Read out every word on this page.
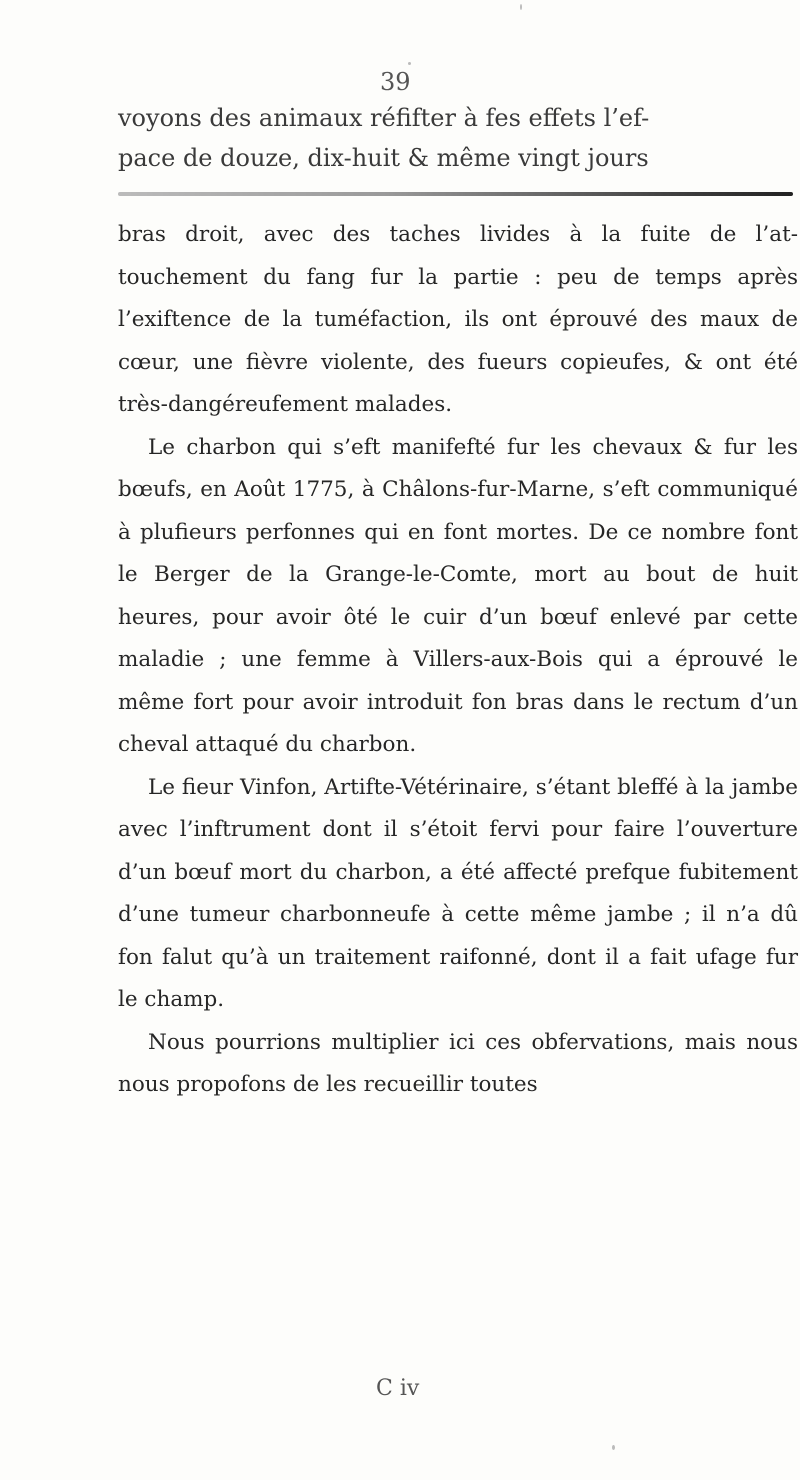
39
voyons des animaux réfifter à fes effets l’ef-
pace de douze, dix-huit & même vingt jours

bras droit, avec des taches livides à la fuite de l’at-touchement du fang fur la partie : peu de temps après l’exiftence de la tuméfaction, ils ont éprouvé des maux de cœur, une fièvre violente, des fueurs copieufes, & ont été très-dangéreufement malades.

Le charbon qui s’eft manifefté fur les chevaux & fur les bœufs, en Août 1775, à Châlons-fur-Marne, s’eft communiqué à plufieurs perfonnes qui en font mortes. De ce nombre font le Berger de la Grange-le-Comte, mort au bout de huit heures, pour avoir ôté le cuir d’un bœuf enlevé par cette maladie ; une femme à Villers-aux-Bois qui a éprouvé le même fort pour avoir introduit fon bras dans le rectum d’un cheval attaqué du charbon.

Le fieur Vinfon, Artifte-Vétérinaire, s’étant bleffé à la jambe avec l’inftrument dont il s’étoit fervi pour faire l’ouverture d’un bœuf mort du charbon, a été affecté prefque fubitement d’une tumeur charbonneufe à cette même jambe ; il n’a dû fon falut qu’à un traitement raifonné, dont il a fait ufage fur le champ.

Nous pourrions multiplier ici ces obfervations, mais nous nous propofons de les recueillir toutes

C iv
